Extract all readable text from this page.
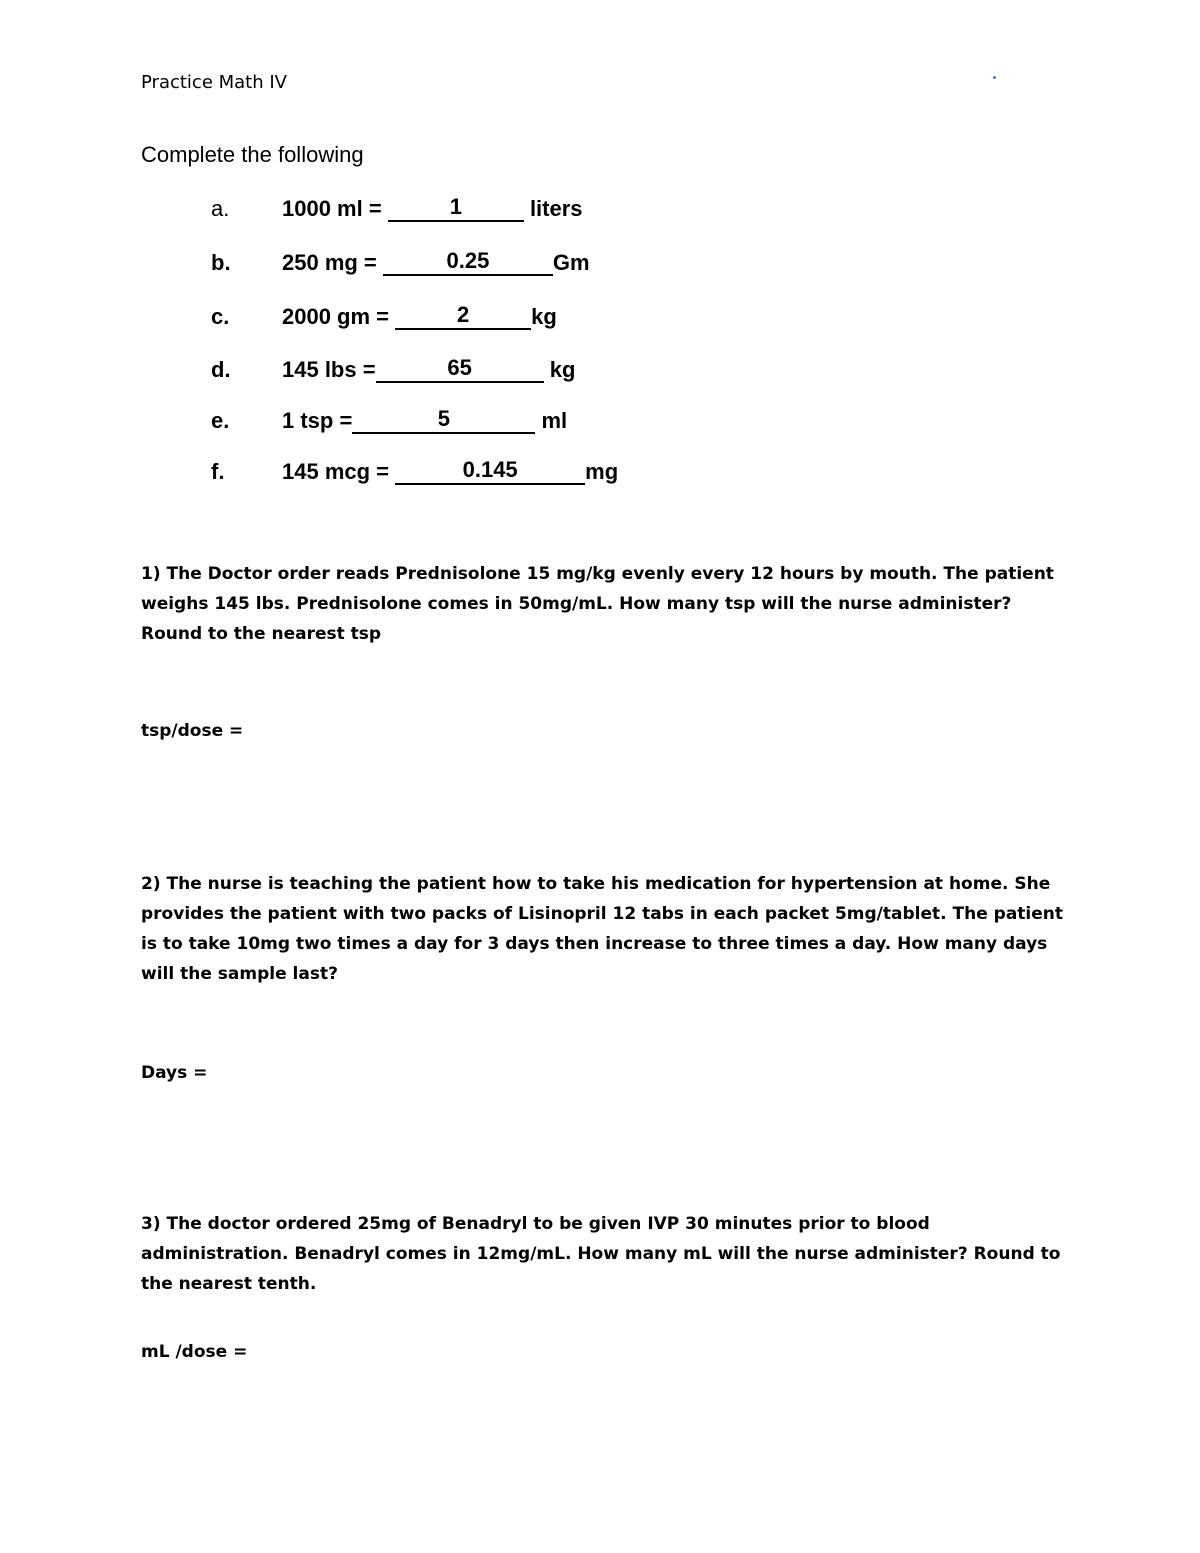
Practice Math IV
Complete the following
a. 1000 ml =	1	liters
b. 250 mg =	0.25	Gm
c. 2000 gm =	2	kg
d. 145 lbs =	65	kg
e. 1 tsp =	5	ml
f.	145 mcg =	0.145	mg
1) The Doctor order reads Prednisolone 15 mg/kg evenly every 12 hours by mouth. The patient weighs 145 lbs. Prednisolone comes in 50mg/mL. How many tsp will the nurse administer? Round to the nearest tsp
tsp/dose =
2) The nurse is teaching the patient how to take his medication for hypertension at home. She provides the patient with two packs of Lisinopril 12 tabs in each packet 5mg/tablet. The patient is to take 10mg two times a day for 3 days then increase to three times a day. How many days will the sample last?
Days =
3) The doctor ordered 25mg of Benadryl to be given IVP 30 minutes prior to blood administration. Benadryl comes in 12mg/mL. How many mL will the nurse administer? Round to the nearest tenth.
mL /dose =
